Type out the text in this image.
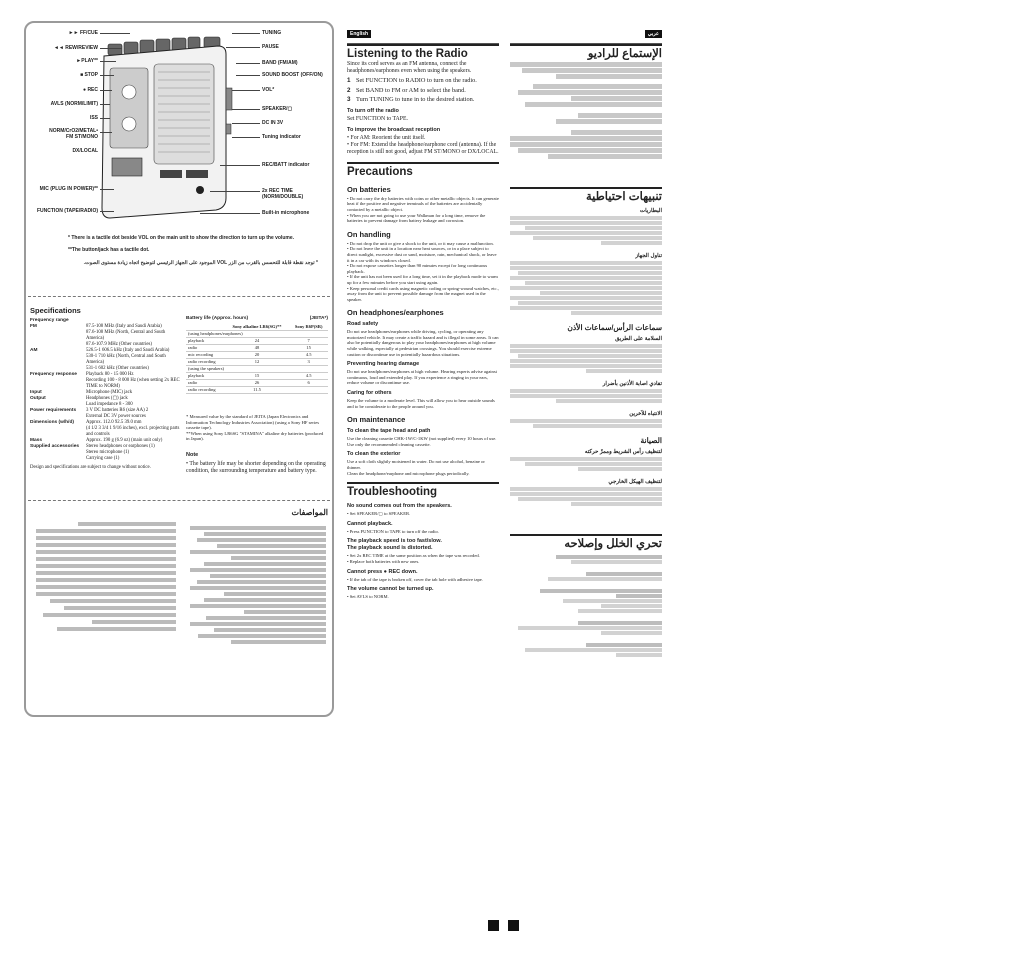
►► FF/CUE
◄◄ REW/REVIEW
►PLAY**
■ STOP
● REC
AVLS (NORM/LIMIT)
ISS
NORM/CrO2/METAL•
FM ST/MONO
DX/LOCAL
MIC (PLUG IN POWER)**
FUNCTION (TAPE/RADIO)
TUNING
PAUSE
BAND (FM/AM)
SOUND BOOST (OFF/ON)
VOL*
SPEAKER/▢
DC IN 3V
Tuning indicator
REC/BATT indicator
2x REC TIME
(NORM/DOUBLE)
Built-in microphone
* There is a tactile dot beside VOL on the main unit to show the direction to turn up the volume.
**The button/jack has a tactile dot.
* توجد نقطة قابلة للتحسس بالقرب من الزر VOL الموجود على الجهاز الرئيسي لتوضيح اتجاه زيادة مستوى الصوت.
Specifications
Frequency range
FM	87.5-108 MHz (Italy and Saudi Arabia)
87.6-108 MHz (North, Central and South America)
87.6-107.9 MHz (Other countries)
AM	526.5-1 606.5 kHz (Italy and Saudi Arabia)
530-1 710 kHz (North, Central and South America)
531-1 602 kHz (Other countries)
Frequency response Playback 80 - 15 000 Hz
Recording 100 - 8 000 Hz (when setting 2x REC TIME to NORM)
Input	Microphone (MIC) jack
Output	Headphones (▢) jack
Load impedance 8 - 300
Power requirements 3 V DC batteries R6 (size AA) 2
External DC 3V power sources
Dimensions (w/h/d)	Approx. 112.0 92.5 39.0 mm
(4 1/2 3 3/4 1 9/16 inches), excl. projecting parts and controls
Mass	Approx. 190 g (6.9 oz) (main unit only)
Supplied accessories Stereo headphones or earphones (1)
Stereo microphone (1)
Carrying case (1)
Design and specifications are subject to change without notice.
Battery life (Approx. hours)	(JEITA*)
	Sony alkaline LR6(SG)**	Sony R6P(SR)
(using headphones/earphones)		
playback	24	7
radio	48	15
mic recording	20	4.5
radio recording	12	3
(using the speakers)		
playback	15	4.5
radio	26	6
radio recording	11.5	
* Measured value by the standard of JEITA (Japan Electronics and Information Technology Industries Association) (using a Sony HF series cassette tape).
**When using Sony LR6SG "STAMINA" alkaline dry batteries (produced in Japan).
Note
• The battery life may be shorter depending on the operating condition, the surrounding temperature and battery type.
المواصفات
English
Listening to the Radio

Since its cord serves as an FM antenna, connect the headphones/earphones even when using the speakers.

1 Set FUNCTION to RADIO to turn on the radio.
2 Set BAND to FM or AM to select the band.
3 Turn TUNING to tune in to the desired station.
To turn off the radio

Set FUNCTION to TAPE.

To improve the broadcast reception

• For AM: Reorient the unit itself.
• For FM: Extend the headphone/earphone cord (antenna). If the reception is still not good, adjust FM ST/MONO or DX/LOCAL.

Precautions
On batteries

• Do not carry the dry batteries with coins or other metallic objects. It can generate heat if the positive and negative terminals of the batteries are accidentally contacted by a metallic object.
• When you are not going to use your Walkman for a long time, remove the batteries to prevent damage from battery leakage and corrosion.

On handling

• Do not drop the unit or give a shock to the unit, or it may cause a malfunction.
• Do not leave the unit in a location near heat sources, or in a place subject to direct sunlight, excessive dust or sand, moisture, rain, mechanical shock, or leave it in a car with its windows closed.
• Do not expose cassettes longer than 90 minutes except for long continuous playback.
• If the unit has not been used for a long time, set it in the playback mode to warm up for a few minutes before you start using again.
• Keep personal credit cards using magnetic coding or spring-wound watches, etc., away from the unit to prevent possible damage from the magnet used in the speaker.

On headphones/earphones
Road safety

Do not use headphones/earphones while driving, cycling, or operating any motorized vehicle. It may create a traffic hazard and is illegal in some areas. It can also be potentially dangerous to play your headphones/earphones at high volume while walking, especially at pedestrian crossings. You should exercise extreme caution or discontinue use in potentially hazardous situations.

Preventing hearing damage

Do not use headphones/earphones at high volume. Hearing experts advise against continuous, loud and extended play. If you experience a ringing in your ears, reduce volume or discontinue use.

Caring for others

Keep the volume to a moderate level. This will allow you to hear outside sounds and to be considerate to the people around you.

On maintenance
To clean the tape head and path

Use the cleaning cassette CHK-1W/C-1KW (not supplied) every 10 hours of use.
Use only the recommended cleaning cassette.

To clean the exterior

Use a soft cloth slightly moistened in water. Do not use alcohol, benzine or thinner.
Clean the headphone/earphone and microphone plugs periodically.

Troubleshooting
No sound comes out from the speakers.

• Set SPEAKER/▢ to SPEAKER.

Cannot playback.

• Press FUNCTION to TAPE to turn off the radio.

The playback speed is too fast/slow.
The playback sound is distorted.

• Set 2x REC TIME at the same position as when the tape was recorded.
• Replace both batteries with new ones.

Cannot press ● REC down.

• If the tab of the tape is broken off, cover the tab hole with adhesive tape.

The volume cannot be turned up.

• Set AVLS to NORM.

عربي
الإستماع للراديو
تنبيهات احتياطية
البطاريات
تناول الجهاز
سماعات الرأس/سماعات الأذن
السلامة على الطريق
تفادي اصابة الأذنين بأضرار
الانتباه للآخرين
الصيانة
لتنظيف رأس الشريط وممرّ حركته
لتنظيف الهيكل الخارجي
تحري الخلل وإصلاحه
